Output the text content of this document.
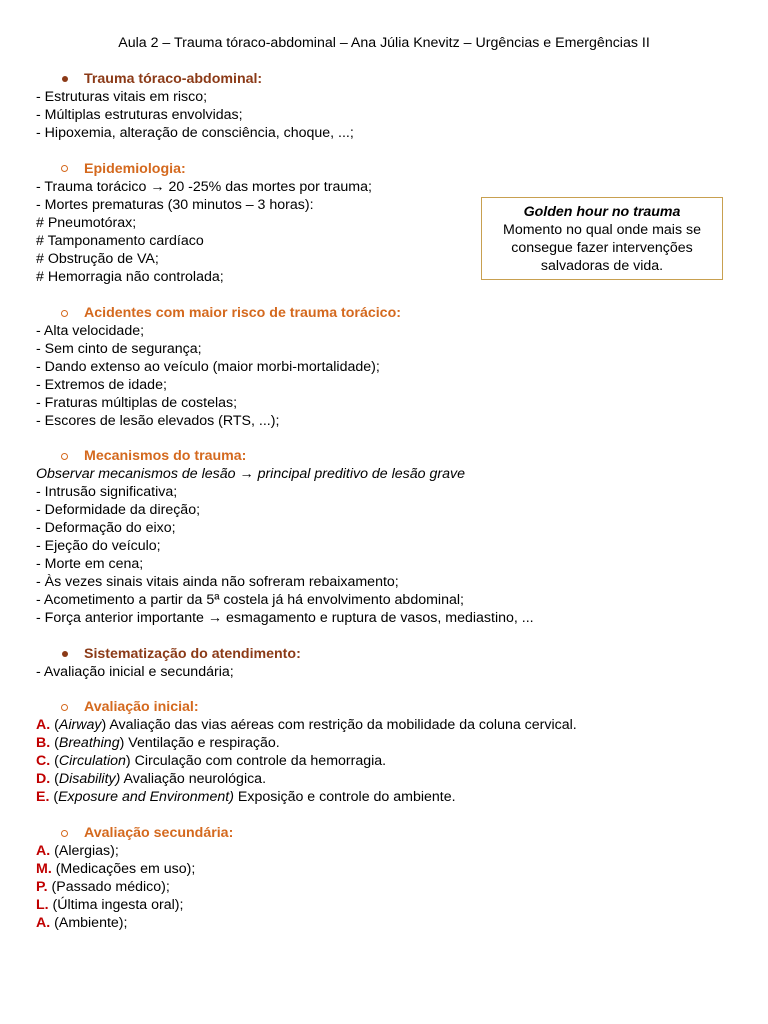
Aula 2 – Trauma tóraco-abdominal – Ana Júlia Knevitz – Urgências e Emergências II
Trauma tóraco-abdominal:
- Estruturas vitais em risco;
- Múltiplas estruturas envolvidas;
- Hipoxemia, alteração de consciência, choque, ...;
Epidemiologia:
- Trauma torácico → 20 -25% das mortes por trauma;
- Mortes prematuras (30 minutos – 3 horas):
# Pneumotórax;
# Tamponamento cardíaco
# Obstrução de VA;
# Hemorragia não controlada;
Golden hour no trauma
Momento no qual onde mais se
consegue fazer intervenções
salvadoras de vida.
Acidentes com maior risco de trauma torácico:
- Alta velocidade;
- Sem cinto de segurança;
- Dando extenso ao veículo (maior morbi-mortalidade);
- Extremos de idade;
- Fraturas múltiplas de costelas;
- Escores de lesão elevados (RTS, ...);
Mecanismos do trauma:
Observar mecanismos de lesão → principal preditivo de lesão grave
- Intrusão significativa;
- Deformidade da direção;
- Deformação do eixo;
- Ejeção do veículo;
- Morte em cena;
- Às vezes sinais vitais ainda não sofreram rebaixamento;
- Acometimento a partir da 5ª costela já há envolvimento abdominal;
- Força anterior importante → esmagamento e ruptura de vasos, mediastino, ...
Sistematização do atendimento:
- Avaliação inicial e secundária;
Avaliação inicial:
A. (Airway) Avaliação das vias aéreas com restrição da mobilidade da coluna cervical.
B. (Breathing) Ventilação e respiração.
C. (Circulation) Circulação com controle da hemorragia.
D. (Disability) Avaliação neurológica.
E. (Exposure and Environment) Exposição e controle do ambiente.
Avaliação secundária:
A. (Alergias);
M. (Medicações em uso);
P. (Passado médico);
L. (Última ingesta oral);
A. (Ambiente);
